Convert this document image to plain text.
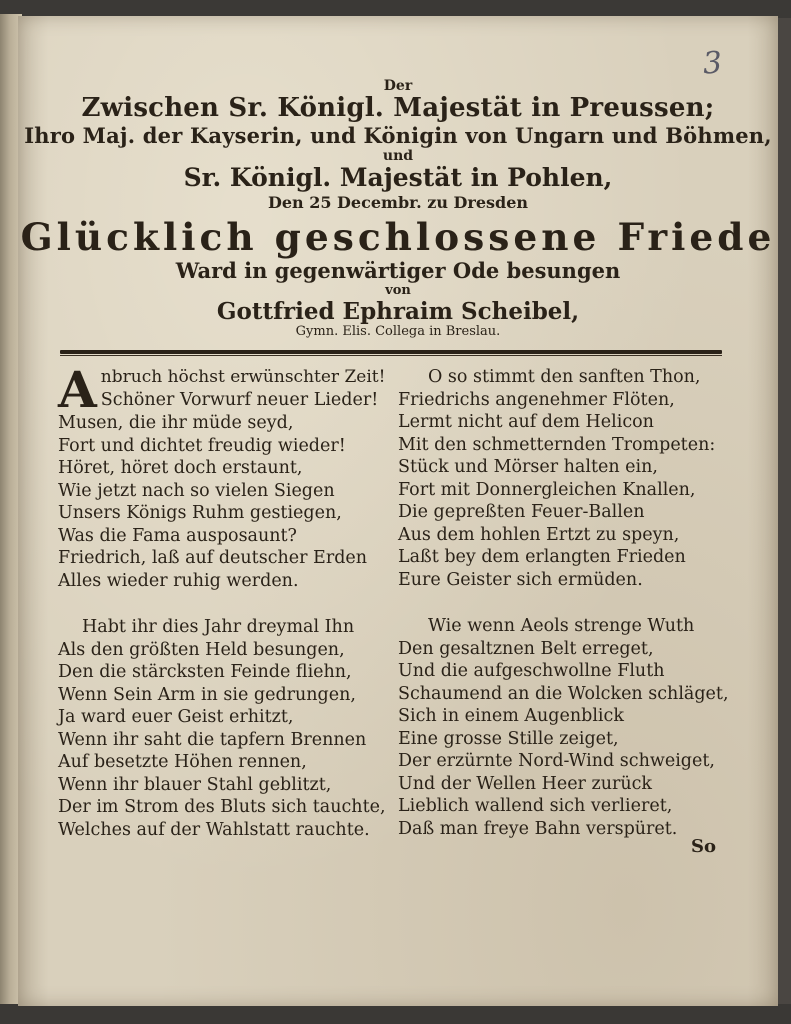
3
Der
Zwischen Sr. Königl. Majestät in Preussen;
Ihro Maj. der Kayserin, und Königin von Ungarn und Böhmen,
und
Sr. Königl. Majestät in Pohlen,
Den 25 Decembr. zu Dresden
Glücklich geschlossene Friede
Ward in gegenwärtiger Ode besungen
von
Gottfried Ephraim Scheibel,
Gymn. Elis. Collega in Breslau.
A nbruch höchst erwünschter Zeit!
Schöner Vorwurf neuer Lieder!
Musen, die ihr müde seyd,
Fort und dichtet freudig wieder!
Höret, höret doch erstaunt,
Wie jetzt nach so vielen Siegen
Unsers Königs Ruhm gestiegen,
Was die Fama ausposaunt?
Friedrich, laß auf deutscher Erden
Alles wieder ruhig werden.
Habt ihr dies Jahr dreymal Ihn
Als den größten Held besungen,
Den die stärcksten Feinde fliehn,
Wenn Sein Arm in sie gedrungen,
Ja ward euer Geist erhitzt,
Wenn ihr saht die tapfern Brennen
Auf besetzte Höhen rennen,
Wenn ihr blauer Stahl geblitzt,
Der im Strom des Bluts sich tauchte,
Welches auf der Wahlstatt rauchte.
O so stimmt den sanften Thon,
Friedrichs angenehmer Flöten,
Lermt nicht auf dem Helicon
Mit den schmetternden Trompeten:
Stück und Mörser halten ein,
Fort mit Donnergleichen Knallen,
Die gepreßten Feuer-Ballen
Aus dem hohlen Ertzt zu speyn,
Laßt bey dem erlangten Frieden
Eure Geister sich ermüden.
Wie wenn Aeols strenge Wuth
Den gesaltznen Belt erreget,
Und die aufgeschwollne Fluth
Schaumend an die Wolcken schläget,
Sich in einem Augenblick
Eine grosse Stille zeiget,
Der erzürnte Nord-Wind schweiget,
Und der Wellen Heer zurück
Lieblich wallend sich verlieret,
Daß man freye Bahn verspüret.
So
